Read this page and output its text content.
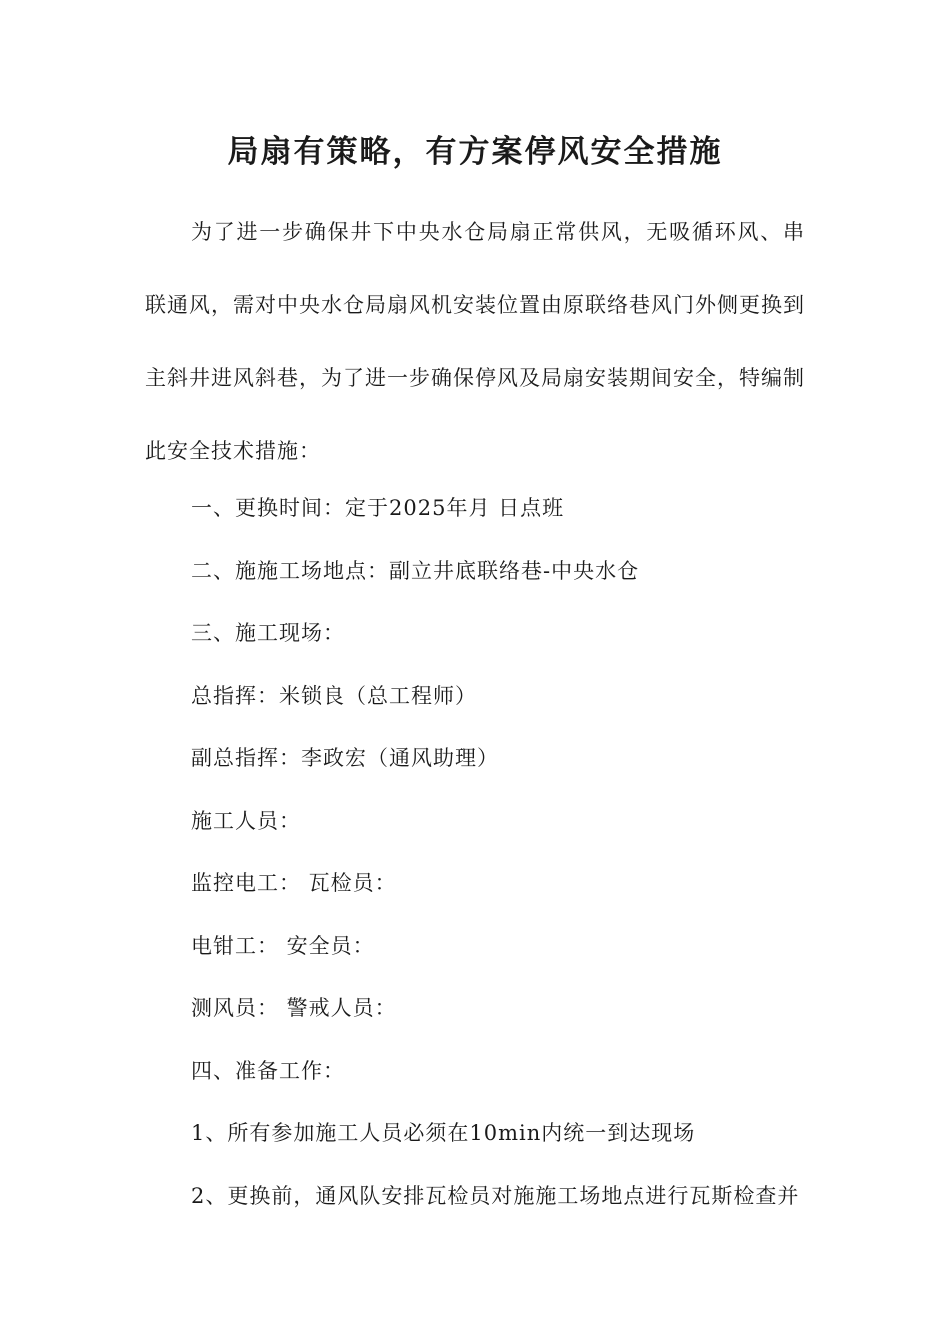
局扇有策略，有方案停风安全措施

为了进一步确保井下中央水仓局扇正常供风，无吸循环风、串联通风，需对中央水仓局扇风机安装位置由原联络巷风门外侧更换到主斜井进风斜巷，为了进一步确保停风及局扇安装期间安全，特编制此安全技术措施：

一、更换时间：定于2025年月 日点班
二、施施工场地点：副立井底联络巷-中央水仓
三、施工现场：
总指挥：米锁良（总工程师）
副总指挥：李政宏（通风助理）
施工人员：
监控电工： 瓦检员：
电钳工： 安全员：
测风员： 警戒人员：
四、准备工作：
1、所有参加施工人员必须在10min内统一到达现场
2、更换前，通风队安排瓦检员对施施工场地点进行瓦斯检查并
